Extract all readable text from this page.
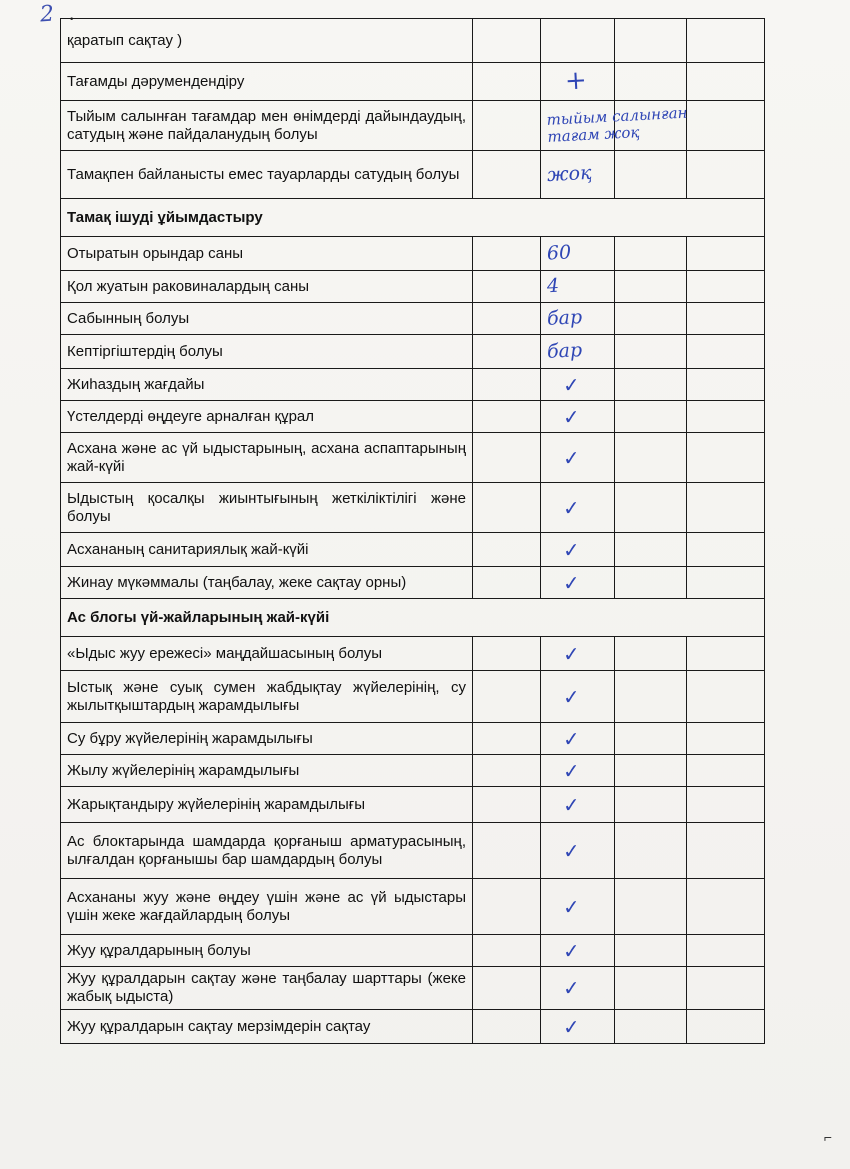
2 ·
қаратып сақтау )				
Тағамды дәрумендендіру		+		
Тыйым салынған тағамдар мен өнімдерді дайындаудың, сатудың және пайдаланудың болуы		тыйым салынған тағам жоқ		
Тамақпен байланысты емес тауарларды сатудың болуы		жоқ		
Тамақ ішуді ұйымдастыру				
Отыратын орындар саны		60		
Қол жуатын раковиналардың саны		4		
Сабынның болуы		бар		
Кептіргіштердің болуы		бар		
Жиһаздың жағдайы		✓		
Үстелдерді өңдеуге арналған құрал		✓		
Асхана және ас үй ыдыстарының, асхана аспаптарының жай-күйі		✓		
Ыдыстың қосалқы жиынтығының жеткіліктілігі және болуы		✓		
Асхананың санитариялық жай-күйі		✓		
Жинау мүкәммалы (таңбалау, жеке сақтау орны)		✓		
Ас блогы үй-жайларының жай-күйі				
«Ыдыс жуу ережесі» маңдайшасының болуы		✓		
Ыстық және суық сумен жабдықтау жүйелерінің, су жылытқыштардың жарамдылығы		✓		
Су бұру жүйелерінің жарамдылығы		✓		
Жылу жүйелерінің жарамдылығы		✓		
Жарықтандыру жүйелерінің жарамдылығы		✓		
Ас блоктарында шамдарда қорғаныш арматурасының, ылғалдан қорғанышы бар шамдардың болуы		✓		
Асхананы жуу және өңдеу үшін және ас үй ыдыстары үшін жеке жағдайлардың болуы		✓		
Жуу құралдарының болуы		✓		
Жуу құралдарын сақтау және таңбалау шарттары (жеке жабық ыдыста)		✓		
Жуу құралдарын сақтау мерзімдерін сақтау		✓		
⌐
